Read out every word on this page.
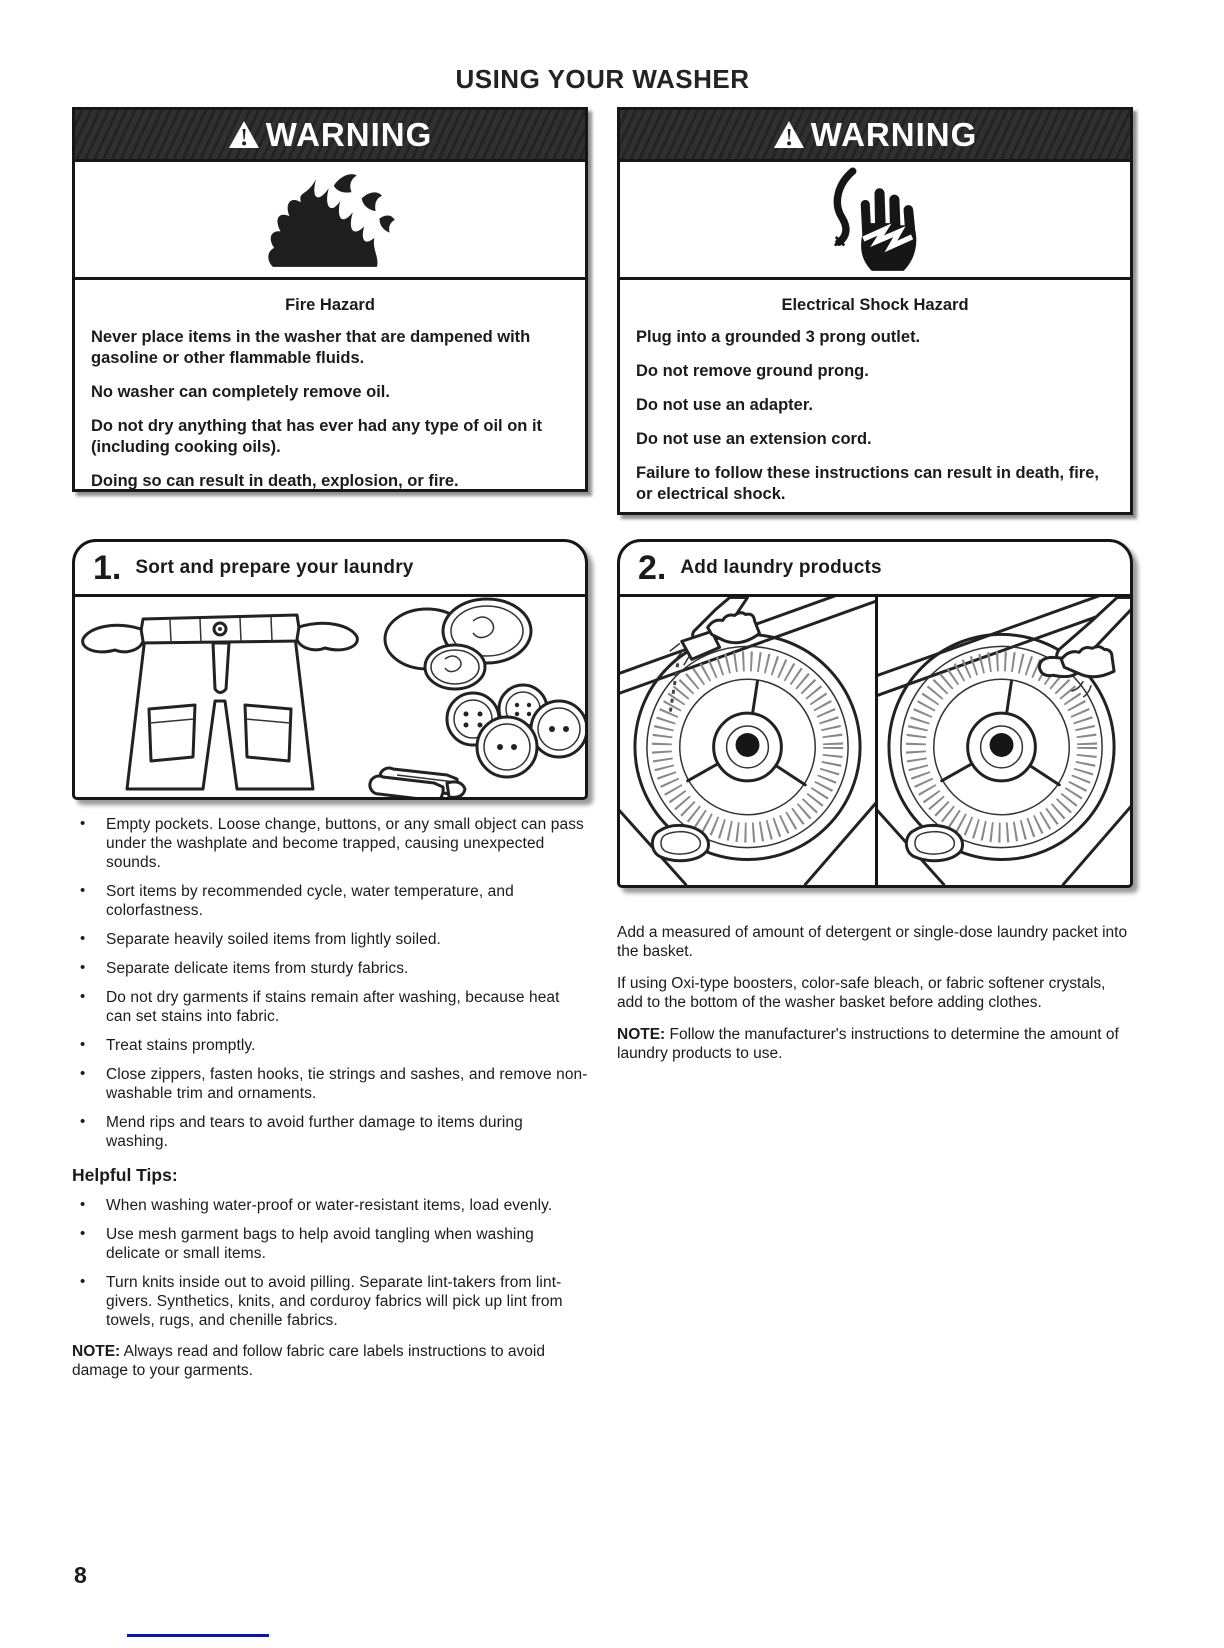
USING YOUR WASHER
WARNING

Fire Hazard

Never place items in the washer that are dampened with gasoline or other flammable fluids.

No washer can completely remove oil.

Do not dry anything that has ever had any type of oil on it (including cooking oils).

Doing so can result in death, explosion, or fire.

1. Sort and prepare your laundry
• Empty pockets. Loose change, buttons, or any small object can pass under the washplate and become trapped, causing unexpected sounds.
• Sort items by recommended cycle, water temperature, and colorfastness.
• Separate heavily soiled items from lightly soiled.
• Separate delicate items from sturdy fabrics.
• Do not dry garments if stains remain after washing, because heat can set stains into fabric.
• Treat stains promptly.
• Close zippers, fasten hooks, tie strings and sashes, and remove non-washable trim and ornaments.
• Mend rips and tears to avoid further damage to items during washing.
Helpful Tips:
• When washing water-proof or water-resistant items, load evenly.
• Use mesh garment bags to help avoid tangling when washing delicate or small items.
• Turn knits inside out to avoid pilling. Separate lint-takers from lint-givers. Synthetics, knits, and corduroy fabrics will pick up lint from towels, rugs, and chenille fabrics.

NOTE: Always read and follow fabric care labels instructions to avoid damage to your garments.

WARNING

Electrical Shock Hazard

Plug into a grounded 3 prong outlet.

Do not remove ground prong.

Do not use an adapter.

Do not use an extension cord.

Failure to follow these instructions can result in death, fire, or electrical shock.

2. Add laundry products

Add a measured of amount of detergent or single-dose laundry packet into the basket.

If using Oxi-type boosters, color-safe bleach, or fabric softener crystals, add to the bottom of the washer basket before adding clothes.

NOTE: Follow the manufacturer's instructions to determine the amount of laundry products to use.

8
